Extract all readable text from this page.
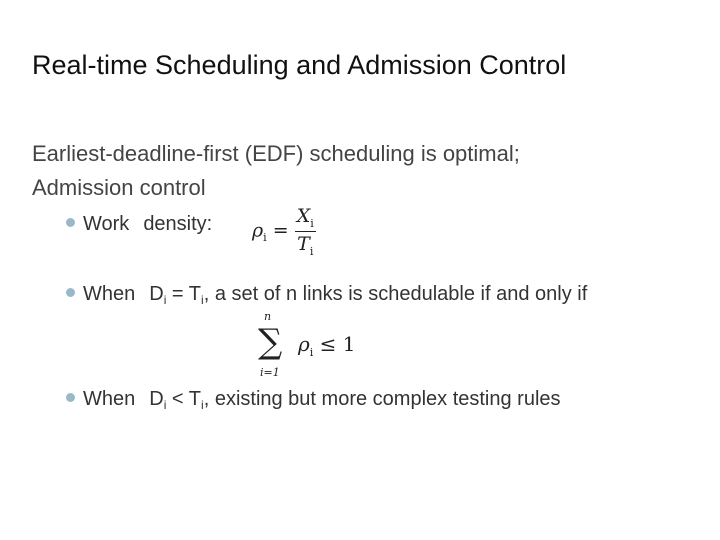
Real-time Scheduling and Admission Control
Earliest-deadline-first (EDF) scheduling is optimal;
Admission control
Work density: $\rho_i = \frac{X_i}{T_i}$
When $D_i = T_i$, a set of n links is schedulable if and only if
n
∑
i=1
$\rho_i \le 1$
When $D_i < T_i$, existing but more complex testing rules
